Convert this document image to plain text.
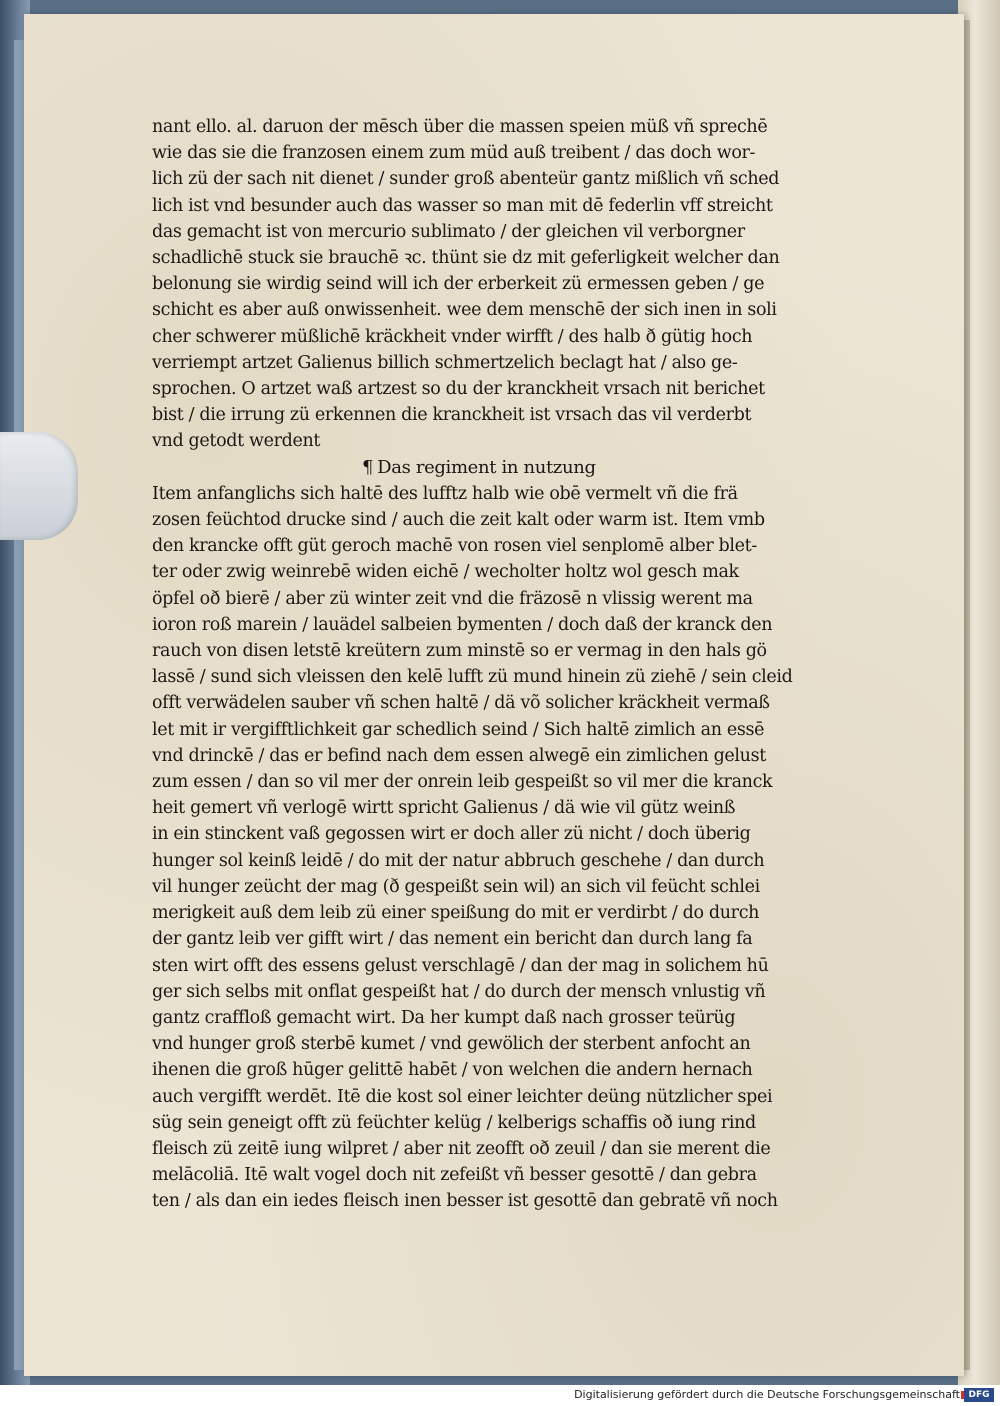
nant ello. al. daruon der mēsch über die massen speien müß vñ sprechē
wie das sie die franzosen einem zum müd auß treibent / das doch wor-
lich zü der sach nit dienet / sunder groß abenteür gantz mißlich vñ sched
lich ist vnd besunder auch das wasser so man mit dē federlin vff streicht
das gemacht ist von mercurio sublimato / der gleichen vil verborgner
schadlichē stuck sie brauchē ꝛc. thünt sie dz mit geferligkeit welcher dan
belonung sie wirdig seind will ich der erberkeit zü ermessen geben / ge
schicht es aber auß onwissenheit. wee dem menschē der sich inen in soli
cher schwerer müßlichē kräckheit vnder wirfft / des halb ð gütig hoch
verriempt artzet Galienus billich schmertzelich beclagt hat / also ge-
sprochen. O artzet waß artzest so du der kranckheit vrsach nit berichet
bist / die irrung zü erkennen die kranckheit ist vrsach das vil verderbt
vnd getodt werdent
¶ Das regiment in nutzung
Item anfanglichs sich haltē des lufftz halb wie obē vermelt vñ die frä
zosen feüchtod drucke sind / auch die zeit kalt oder warm ist. Item vmb
den krancke offt güt geroch machē von rosen viel senplomē alber blet-
ter oder zwig weinrebē widen eichē / wecholter holtz wol gesch mak
öpfel oð bierē / aber zü winter zeit vnd die fräzosē n vlissig werent ma
ioron roß marein / lauädel salbeien bymenten / doch daß der kranck den
rauch von disen letstē kreütern zum minstē so er vermag in den hals gö
lassē / sund sich vleissen den kelē lufft zü mund hinein zü ziehē / sein cleid
offt verwädelen sauber vñ schen haltē / dä võ solicher kräckheit vermaß
let mit ir vergifftlichkeit gar schedlich seind / Sich haltē zimlich an essē
vnd drinckē / das er befind nach dem essen alwegē ein zimlichen gelust
zum essen / dan so vil mer der onrein leib gespeißt so vil mer die kranck
heit gemert vñ verlogē wirtt spricht Galienus / dä wie vil gütz weinß
in ein stinckent vaß gegossen wirt er doch aller zü nicht / doch überig
hunger sol keinß leidē / do mit der natur abbruch geschehe / dan durch
vil hunger zeücht der mag (ð gespeißt sein wil) an sich vil feücht schlei
merigkeit auß dem leib zü einer speißung do mit er verdirbt / do durch
der gantz leib ver gifft wirt / das nement ein bericht dan durch lang fa
sten wirt offt des essens gelust verschlagē / dan der mag in solichem hū
ger sich selbs mit onflat gespeißt hat / do durch der mensch vnlustig vñ
gantz craffloß gemacht wirt. Da her kumpt daß nach grosser teürüg
vnd hunger groß sterbē kumet / vnd gewölich der sterbent anfocht an
ihenen die groß hūger gelittē habēt / von welchen die andern hernach
auch vergifft werdēt. Itē die kost sol einer leichter deüng nützlicher spei
süg sein geneigt offt zü feüchter kelüg / kelberigs schaffis oð iung rind
fleisch zü zeitē iung wilpret / aber nit zeofft oð zeuil / dan sie merent die
melācoliā. Itē walt vogel doch nit zefeißt vñ besser gesottē / dan gebra
ten / als dan ein iedes fleisch inen besser ist gesottē dan gebratē vñ noch
Digitalisierung gefördert durch die Deutsche Forschungsgemeinschaft DFG
